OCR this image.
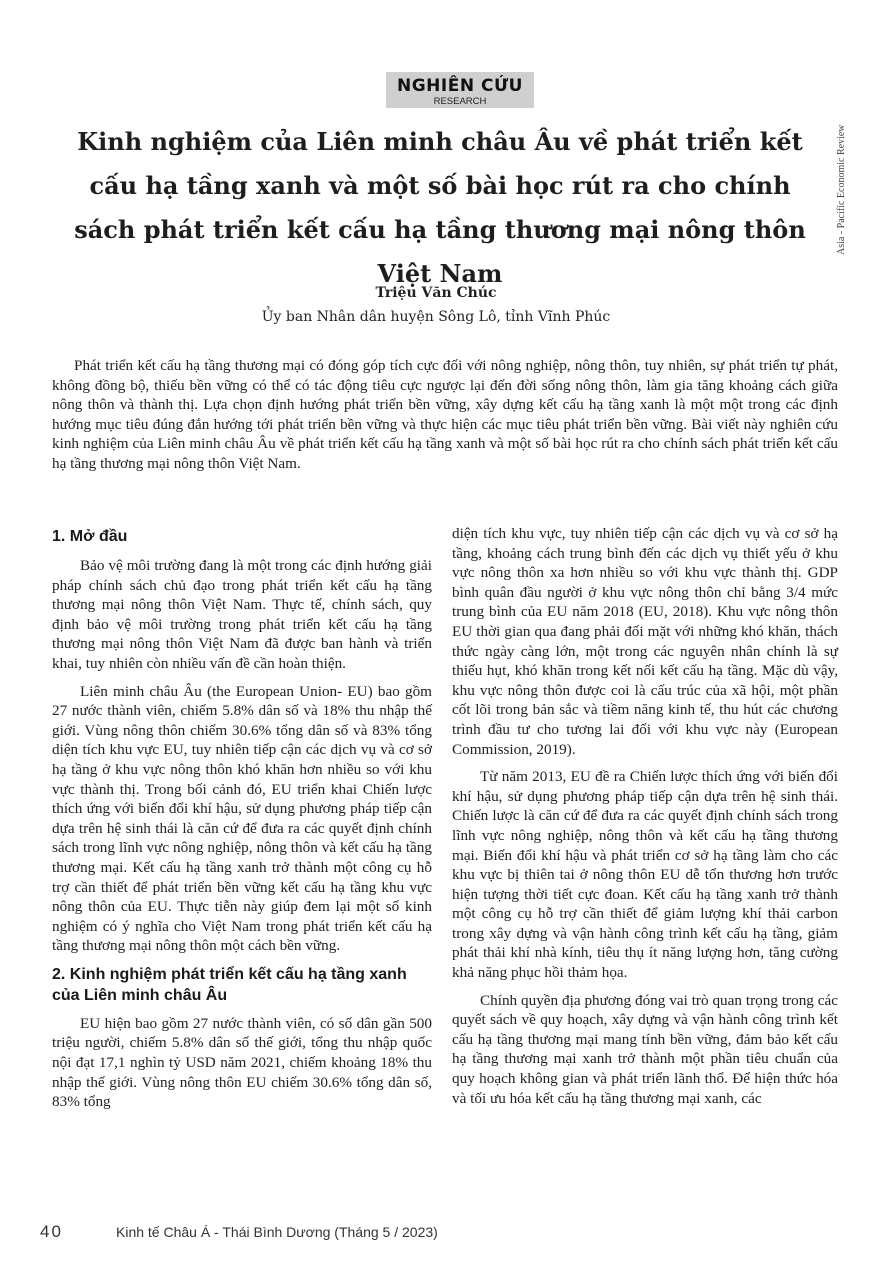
NGHIÊN CỨU
RESEARCH
Asia - Pacific Economic Review
Kinh nghiệm của Liên minh châu Âu về phát triển kết cấu hạ tầng xanh và một số bài học rút ra cho chính sách phát triển kết cấu hạ tầng thương mại nông thôn Việt Nam
Triệu Văn Chúc
Ủy ban Nhân dân huyện Sông Lô, tỉnh Vĩnh Phúc

Phát triển kết cấu hạ tầng thương mại có đóng góp tích cực đối với nông nghiệp, nông thôn, tuy nhiên, sự phát triển tự phát, không đồng bộ, thiếu bền vững có thể có tác động tiêu cực ngược lại đến đời sống nông thôn, làm gia tăng khoảng cách giữa nông thôn và thành thị. Lựa chọn định hướng phát triển bền vững, xây dựng kết cấu hạ tầng xanh là một một trong các định hướng mục tiêu đúng đắn hướng tới phát triển bền vững và thực hiện các mục tiêu phát triển bền vững. Bài viết này nghiên cứu kinh nghiệm của Liên minh châu Âu về phát triển kết cấu hạ tầng xanh và một số bài học rút ra cho chính sách phát triển kết cấu hạ tầng thương mại nông thôn Việt Nam.

1. Mở đầu

Bảo vệ môi trường đang là một trong các định hướng giải pháp chính sách chủ đạo trong phát triển kết cấu hạ tầng thương mại nông thôn Việt Nam. Thực tế, chính sách, quy định bảo vệ môi trường trong phát triển kết cấu hạ tầng thương mại nông thôn Việt Nam đã được ban hành và triển khai, tuy nhiên còn nhiều vấn đề cần hoàn thiện.

Liên minh châu Âu (the European Union- EU) bao gồm 27 nước thành viên, chiếm 5.8% dân số và 18% thu nhập thế giới. Vùng nông thôn chiếm 30.6% tổng dân số và 83% tổng diện tích khu vực EU, tuy nhiên tiếp cận các dịch vụ và cơ sở hạ tầng ở khu vực nông thôn khó khăn hơn nhiều so với khu vực thành thị. Trong bối cảnh đó, EU triển khai Chiến lược thích ứng với biến đổi khí hậu, sử dụng phương pháp tiếp cận dựa trên hệ sinh thái là căn cứ để đưa ra các quyết định chính sách trong lĩnh vực nông nghiệp, nông thôn và kết cấu hạ tầng thương mại. Kết cấu hạ tầng xanh trở thành một công cụ hỗ trợ cần thiết để phát triển bền vững kết cấu hạ tầng khu vực nông thôn của EU. Thực tiễn này giúp đem lại một số kinh nghiệm có ý nghĩa cho Việt Nam trong phát triển kết cấu hạ tầng thương mại nông thôn một cách bền vững.

2. Kinh nghiệm phát triển kết cấu hạ tầng xanh của Liên minh châu Âu

EU hiện bao gồm 27 nước thành viên, có số dân gần 500 triệu người, chiếm 5.8% dân số thế giới, tổng thu nhập quốc nội đạt 17,1 nghìn tỷ USD năm 2021, chiếm khoảng 18% thu nhập thế giới. Vùng nông thôn EU chiếm 30.6% tổng dân số, 83% tổng

diện tích khu vực, tuy nhiên tiếp cận các dịch vụ và cơ sở hạ tầng, khoảng cách trung bình đến các dịch vụ thiết yếu ở khu vực nông thôn xa hơn nhiều so với khu vực thành thị. GDP bình quân đầu người ở khu vực nông thôn chỉ bằng 3/4 mức trung bình của EU năm 2018 (EU, 2018). Khu vực nông thôn EU thời gian qua đang phải đối mặt với những khó khăn, thách thức ngày càng lớn, một trong các nguyên nhân chính là sự thiếu hụt, khó khăn trong kết nối kết cấu hạ tầng. Mặc dù vậy, khu vực nông thôn được coi là cấu trúc của xã hội, một phần cốt lõi trong bản sắc và tiềm năng kinh tế, thu hút các chương trình đầu tư cho tương lai đối với khu vực này (European Commission, 2019).

Từ năm 2013, EU đề ra Chiến lược thích ứng với biến đổi khí hậu, sử dụng phương pháp tiếp cận dựa trên hệ sinh thái. Chiến lược là căn cứ để đưa ra các quyết định chính sách trong lĩnh vực nông nghiệp, nông thôn và kết cấu hạ tầng thương mại. Biến đổi khí hậu và phát triển cơ sở hạ tầng làm cho các khu vực bị thiên tai ở nông thôn EU dễ tổn thương hơn trước hiện tượng thời tiết cực đoan. Kết cấu hạ tầng xanh trở thành một công cụ hỗ trợ cần thiết để giảm lượng khí thải carbon trong xây dựng và vận hành công trình kết cấu hạ tầng, giảm phát thải khí nhà kính, tiêu thụ ít năng lượng hơn, tăng cường khả năng phục hồi thảm họa.

Chính quyền địa phương đóng vai trò quan trọng trong các quyết sách về quy hoạch, xây dựng và vận hành công trình kết cấu hạ tầng thương mại mang tính bền vững, đảm bảo kết cấu hạ tầng thương mại xanh trở thành một phần tiêu chuẩn của quy hoạch không gian và phát triển lãnh thổ. Để hiện thức hóa và tối ưu hóa kết cấu hạ tầng thương mại xanh, các

40	Kinh tế Châu Á - Thái Bình Dương (Tháng 5 / 2023)
